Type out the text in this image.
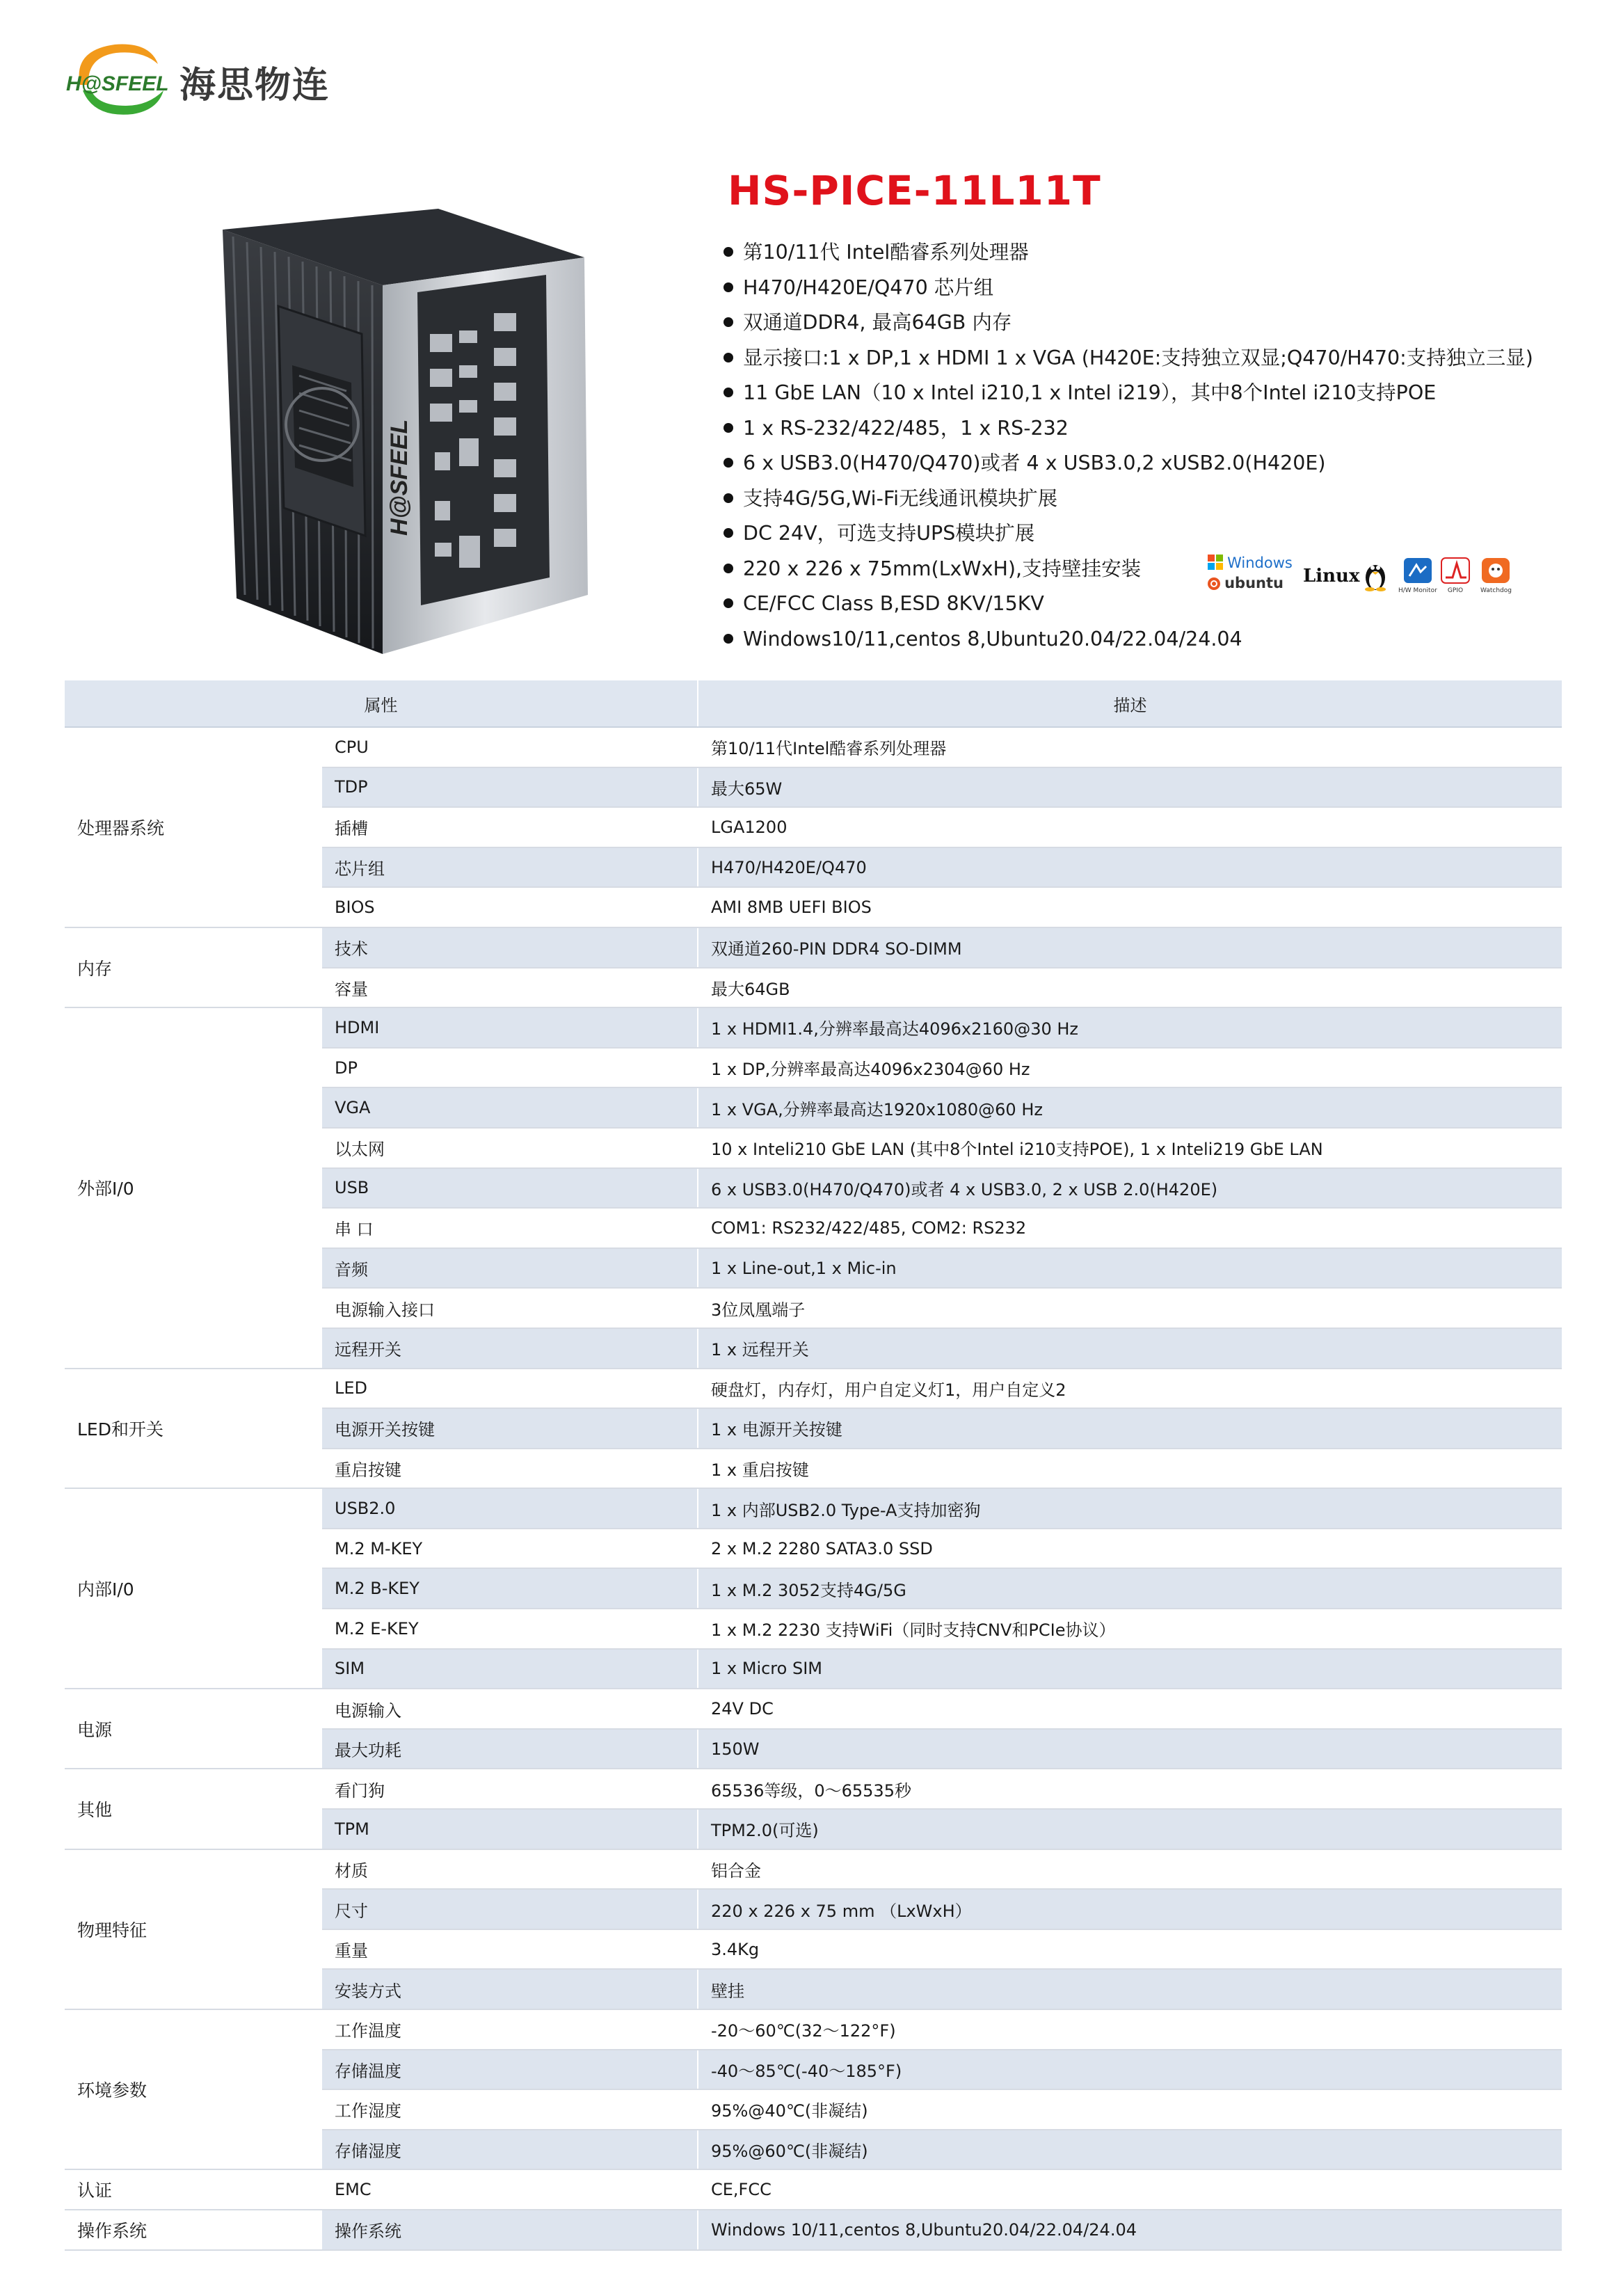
H@SFEEL 海思物连
H@SFEEL
HS-PICE-11L11T
第10/11代 Intel酷睿系列处理器
H470/H420E/Q470 芯片组
双通道DDR4, 最高64GB 内存
显示接口:1 x DP,1 x HDMI 1 x VGA (H420E:支持独立双显;Q470/H470:支持独立三显)
11 GbE LAN（10 x Intel i210,1 x Intel i219），其中8个Intel i210支持POE
1 x RS-232/422/485，1 x RS-232
6 x USB3.0(H470/Q470)或者 4 x USB3.0,2 xUSB2.0(H420E)
支持4G/5G,Wi-Fi无线通讯模块扩展
DC 24V，可选支持UPS模块扩展
220 x 226 x 75mm(LxWxH),支持壁挂安装
CE/FCC Class B,ESD 8KV/15KV
Windows10/11,centos 8,Ubuntu20.04/22.04/24.04
Windows
ubuntu Linux
H/W Monitor	GPIO	Watchdog
属性		描述
处理器系统	CPU	第10/11代Intel酷睿系列处理器
	TDP	最大65W
	插槽	LGA1200
	芯片组	H470/H420E/Q470
	BIOS	AMI 8MB UEFI BIOS
内存	技术	双通道260-PIN DDR4 SO-DIMM
	容量	最大64GB
外部I/0	HDMI	1 x HDMI1.4,分辨率最高达4096x2160@30 Hz
	DP	1 x DP,分辨率最高达4096x2304@60 Hz
	VGA	1 x VGA,分辨率最高达1920x1080@60 Hz
	以太网	10 x Inteli210 GbE LAN (其中8个Intel i210支持POE), 1 x Inteli219 GbE LAN
	USB	6 x USB3.0(H470/Q470)或者 4 x USB3.0, 2 x USB 2.0(H420E)
	串 口	COM1: RS232/422/485, COM2: RS232
	音频	1 x Line-out,1 x Mic-in
	电源输入接口	3位凤凰端子
	远程开关	1 x 远程开关
LED和开关	LED	硬盘灯，内存灯，用户自定义灯1，用户自定义2
	电源开关按键	1 x 电源开关按键
	重启按键	1 x 重启按键
内部I/0	USB2.0	1 x 内部USB2.0 Type-A支持加密狗
	M.2 M-KEY	2 x M.2 2280 SATA3.0 SSD
	M.2 B-KEY	1 x M.2 3052支持4G/5G
	M.2 E-KEY	1 x M.2 2230 支持WiFi（同时支持CNV和PCIe协议）
	SIM	1 x Micro SIM
电源	电源输入	24V DC
	最大功耗	150W
其他	看门狗	65536等级，0～65535秒
	TPM	TPM2.0(可选)
物理特征	材质	铝合金
	尺寸	220 x 226 x 75 mm （LxWxH）
	重量	3.4Kg
	安装方式	壁挂
环境参数	工作温度	-20～60℃(32～122°F)
	存储温度	-40～85℃(-40～185°F)
	工作湿度	95%@40℃(非凝结)
	存储湿度	95%@60℃(非凝结)
认证	EMC	CE,FCC
操作系统	操作系统	Windows 10/11,centos 8,Ubuntu20.04/22.04/24.04
